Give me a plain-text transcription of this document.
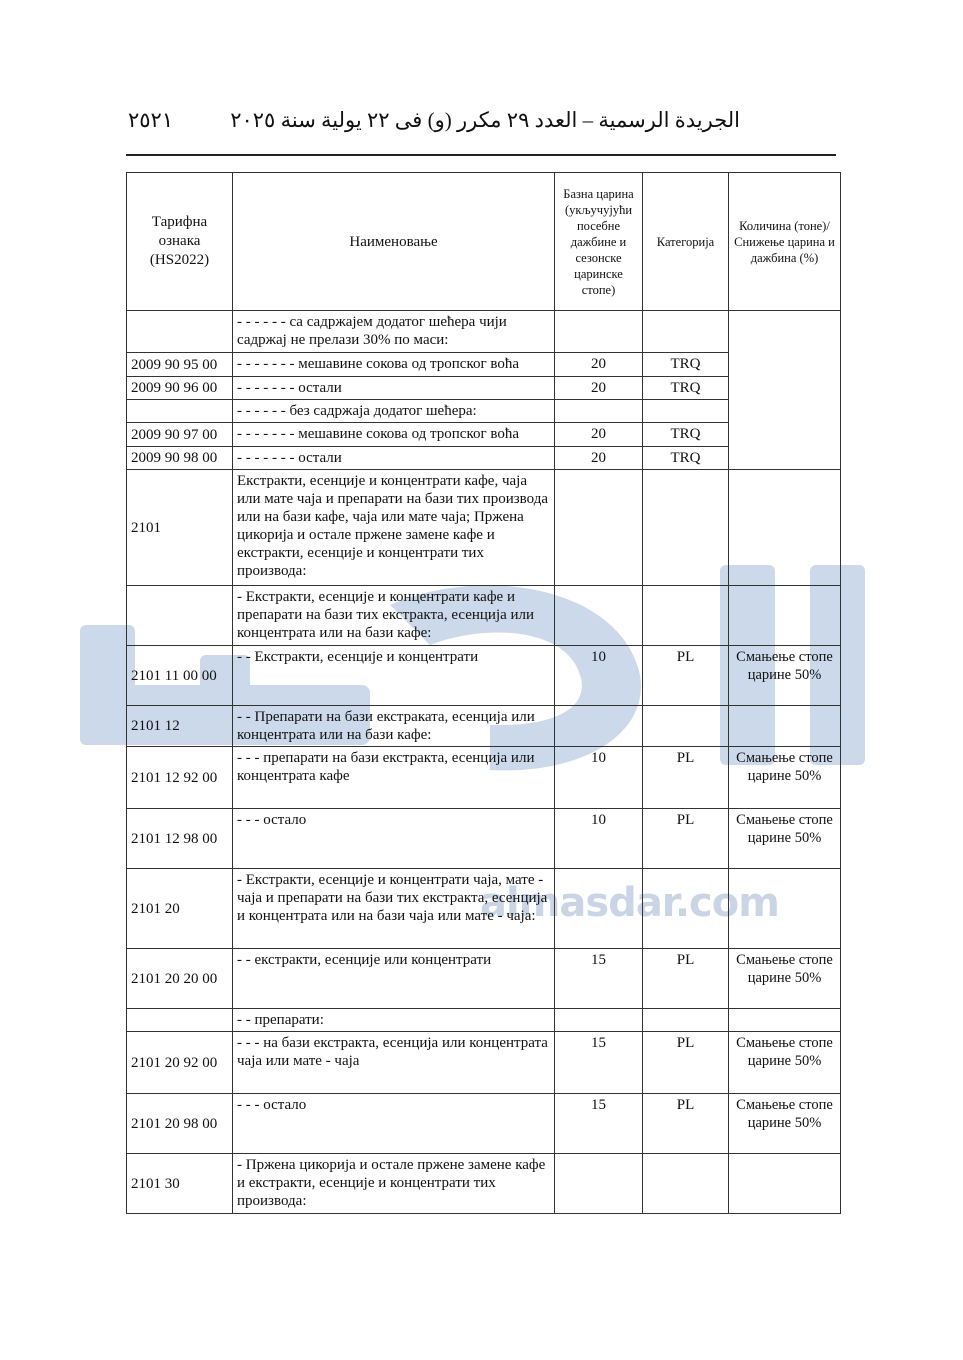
٢٥٢١	الجريدة الرسمية – العدد ٢٩ مكرر (و) فى ٢٢ يولية سنة ٢٠٢٥
almasdar.com
Тарифна ознака (HS2022)	Наименовање	Базна царина (укључујући посебне дажбине и сезонске царинске стопе)	Категорија	Количина (тоне)/ Снижење царина и дажбина (%)
	- - - - - - са садржајем додатог шећера чији садржај не прелази 30% по маси:			
2009 90 95 00	- - - - - - - мешавине сокова од тропског воћа	20	TRQ	
2009 90 96 00	- - - - - - - остали	20	TRQ	
	- - - - - - без садржаја додатог шећера:			
2009 90 97 00	- - - - - - - мешавине сокова од тропског воћа	20	TRQ	
2009 90 98 00	- - - - - - - остали	20	TRQ	
2101	Екстракти, есенције и концентрати кафе, чаја или мате чаја и препарати на бази тих производа или на бази кафе, чаја или мате чаја; Пржена цикорија и остале пржене замене кафе и екстракти, есенције и концентрати тих производа:			
	- Екстракти, есенције и концентрати кафе и препарати на бази тих екстракта, есенција или концентрата или на бази кафе:			
2101 11 00 00	- - Екстракти, есенције и концентрати	10	PL	Смањење стопе царине 50%
2101 12	- - Препарати на бази екстраката, есенција или концентрата или на бази кафе:			
2101 12 92 00	- - - препарати на бази екстракта, есенција или концентрата кафе	10	PL	Смањење стопе царине 50%
2101 12 98 00	- - - остало	10	PL	Смањење стопе царине 50%
2101 20	- Екстракти, есенције и концентрати чаја, мате - чаја и препарати на бази тих екстракта, есенција и концентрата или на бази чаја или мате - чаја:			
2101 20 20 00	- - екстракти, есенције или концентрати	15	PL	Смањење стопе царине 50%
	- - препарати:			
2101 20 92 00	- - - на бази екстракта, есенција или концентрата чаја или мате - чаја	15	PL	Смањење стопе царине 50%
2101 20 98 00	- - - остало	15	PL	Смањење стопе царине 50%
2101 30	- Пржена цикорија и остале пржене замене кафе и екстракти, есенције и концентрати тих производа:			
